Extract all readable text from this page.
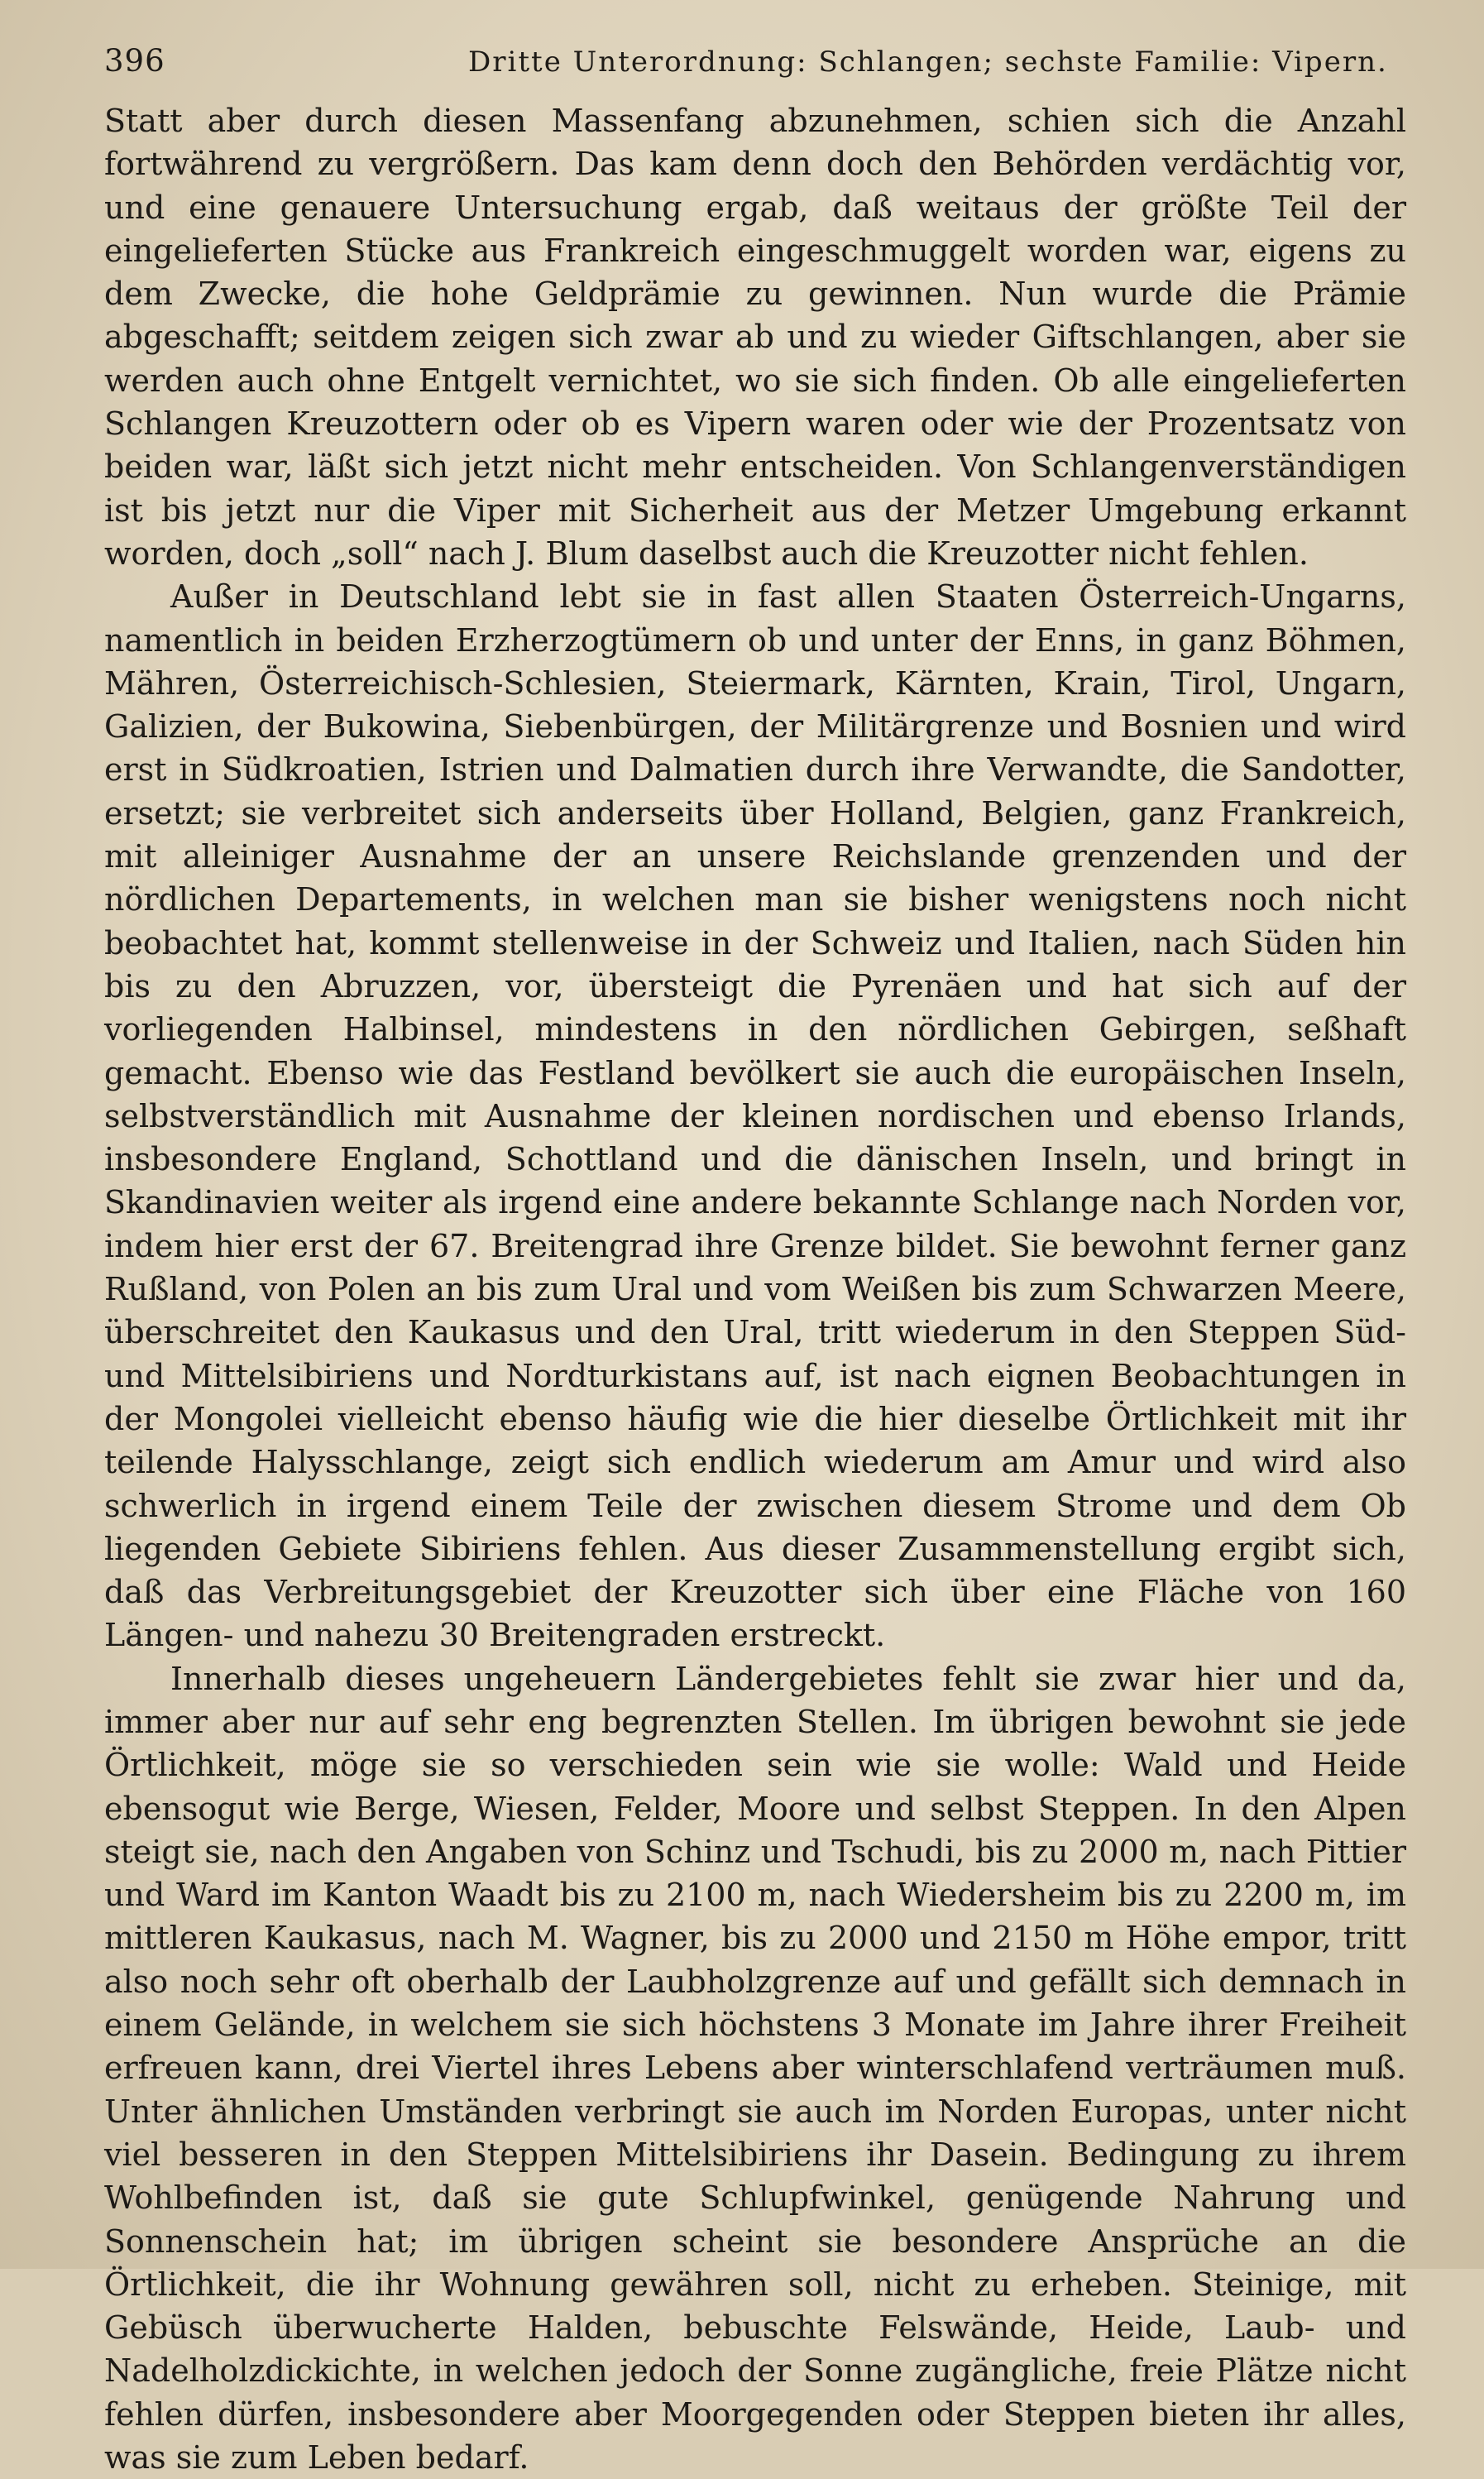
396	Dritte Unterordnung: Schlangen; sechste Familie: Vipern.

Statt aber durch diesen Massenfang abzunehmen, schien sich die Anzahl fortwährend zu vergrößern. Das kam denn doch den Behörden verdächtig vor, und eine genauere Untersuchung ergab, daß weitaus der größte Teil der eingelieferten Stücke aus Frankreich eingeschmuggelt worden war, eigens zu dem Zwecke, die hohe Geldprämie zu gewinnen. Nun wurde die Prämie abgeschafft; seitdem zeigen sich zwar ab und zu wieder Giftschlangen, aber sie werden auch ohne Entgelt vernichtet, wo sie sich finden. Ob alle eingelieferten Schlangen Kreuzottern oder ob es Vipern waren oder wie der Prozentsatz von beiden war, läßt sich jetzt nicht mehr entscheiden. Von Schlangenverständigen ist bis jetzt nur die Viper mit Sicherheit aus der Metzer Umgebung erkannt worden, doch „soll“ nach J. Blum daselbst auch die Kreuzotter nicht fehlen.

Außer in Deutschland lebt sie in fast allen Staaten Österreich-Ungarns, namentlich in beiden Erzherzogtümern ob und unter der Enns, in ganz Böhmen, Mähren, Österreichisch-Schlesien, Steiermark, Kärnten, Krain, Tirol, Ungarn, Galizien, der Bukowina, Siebenbürgen, der Militärgrenze und Bosnien und wird erst in Südkroatien, Istrien und Dalmatien durch ihre Verwandte, die Sandotter, ersetzt; sie verbreitet sich anderseits über Holland, Belgien, ganz Frankreich, mit alleiniger Ausnahme der an unsere Reichslande grenzenden und der nördlichen Departements, in welchen man sie bisher wenigstens noch nicht beobachtet hat, kommt stellenweise in der Schweiz und Italien, nach Süden hin bis zu den Abruzzen, vor, übersteigt die Pyrenäen und hat sich auf der vorliegenden Halbinsel, mindestens in den nördlichen Gebirgen, seßhaft gemacht. Ebenso wie das Festland bevölkert sie auch die europäischen Inseln, selbstverständlich mit Ausnahme der kleinen nordischen und ebenso Irlands, insbesondere England, Schottland und die dänischen Inseln, und bringt in Skandinavien weiter als irgend eine andere bekannte Schlange nach Norden vor, indem hier erst der 67. Breitengrad ihre Grenze bildet. Sie bewohnt ferner ganz Rußland, von Polen an bis zum Ural und vom Weißen bis zum Schwarzen Meere, überschreitet den Kaukasus und den Ural, tritt wiederum in den Steppen Süd- und Mittelsibiriens und Nordturkistans auf, ist nach eignen Beobachtungen in der Mongolei vielleicht ebenso häufig wie die hier dieselbe Örtlichkeit mit ihr teilende Halysschlange, zeigt sich endlich wiederum am Amur und wird also schwerlich in irgend einem Teile der zwischen diesem Strome und dem Ob liegenden Gebiete Sibiriens fehlen. Aus dieser Zusammenstellung ergibt sich, daß das Verbreitungsgebiet der Kreuzotter sich über eine Fläche von 160 Längen- und nahezu 30 Breitengraden erstreckt.

Innerhalb dieses ungeheuern Ländergebietes fehlt sie zwar hier und da, immer aber nur auf sehr eng begrenzten Stellen. Im übrigen bewohnt sie jede Örtlichkeit, möge sie so verschieden sein wie sie wolle: Wald und Heide ebensogut wie Berge, Wiesen, Felder, Moore und selbst Steppen. In den Alpen steigt sie, nach den Angaben von Schinz und Tschudi, bis zu 2000 m, nach Pittier und Ward im Kanton Waadt bis zu 2100 m, nach Wiedersheim bis zu 2200 m, im mittleren Kaukasus, nach M. Wagner, bis zu 2000 und 2150 m Höhe empor, tritt also noch sehr oft oberhalb der Laubholzgrenze auf und gefällt sich demnach in einem Gelände, in welchem sie sich höchstens 3 Monate im Jahre ihrer Freiheit erfreuen kann, drei Viertel ihres Lebens aber winterschlafend verträumen muß. Unter ähnlichen Umständen verbringt sie auch im Norden Europas, unter nicht viel besseren in den Steppen Mittelsibiriens ihr Dasein. Bedingung zu ihrem Wohlbefinden ist, daß sie gute Schlupfwinkel, genügende Nahrung und Sonnenschein hat; im übrigen scheint sie besondere Ansprüche an die Örtlichkeit, die ihr Wohnung gewähren soll, nicht zu erheben. Steinige, mit Gebüsch überwucherte Halden, bebuschte Felswände, Heide, Laub- und Nadelholzdickichte, in welchen jedoch der Sonne zugängliche, freie Plätze nicht fehlen dürfen, insbesondere aber Moorgegenden oder Steppen bieten ihr alles, was sie zum Leben bedarf.
